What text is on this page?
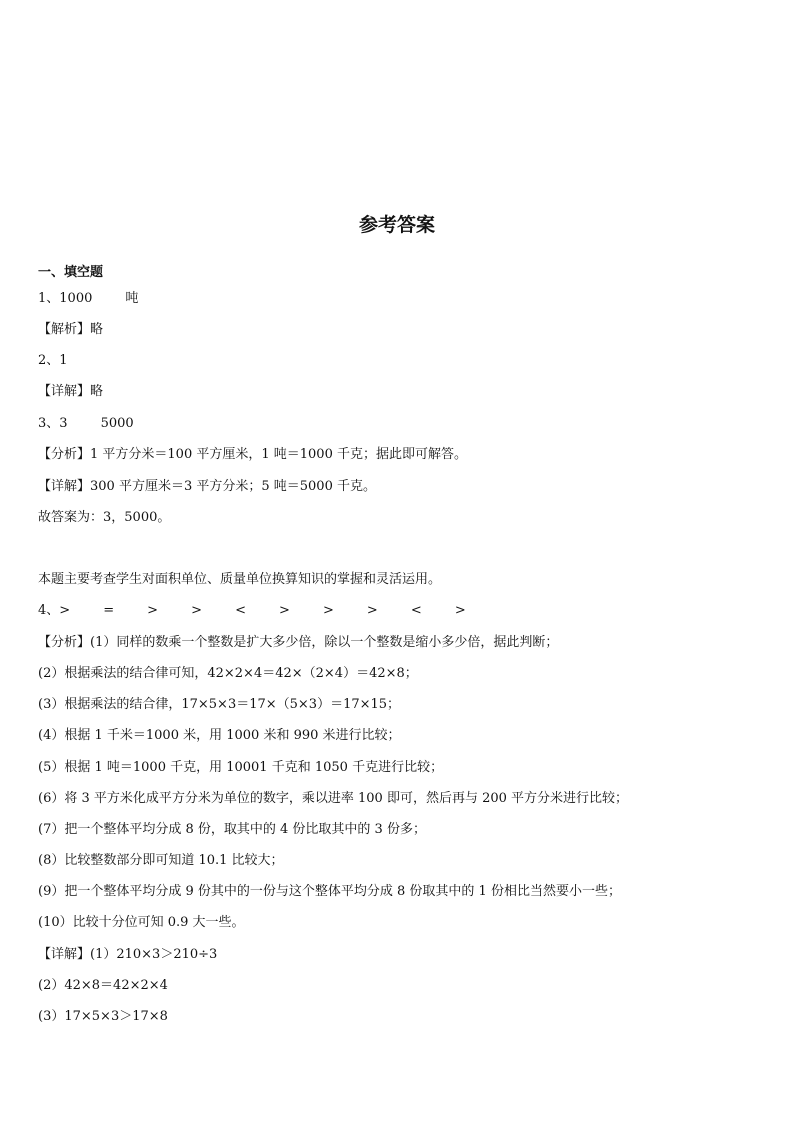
参考答案

一、填空题

1、1000        吨

【解析】略

2、1

【详解】略

3、3        5000

【分析】1 平方分米＝100 平方厘米，1 吨＝1000 千克；据此即可解答。

【详解】300 平方厘米＝3 平方分米；5 吨＝5000 千克。

故答案为：3，5000。

本题主要考查学生对面积单位、质量单位换算知识的掌握和灵活运用。

4、>        =        >        >        <        >        >        >        <        >

【分析】(1）同样的数乘一个整数是扩大多少倍，除以一个整数是缩小多少倍，据此判断；

(2）根据乘法的结合律可知，42×2×4＝42×（2×4）＝42×8；

(3）根据乘法的结合律，17×5×3＝17×（5×3）＝17×15；

(4）根据 1 千米＝1000 米，用 1000 米和 990 米进行比较；

(5）根据 1 吨＝1000 千克，用 10001 千克和 1050 千克进行比较；

(6）将 3 平方米化成平方分米为单位的数字，乘以进率 100 即可，然后再与 200 平方分米进行比较；

(7）把一个整体平均分成 8 份，取其中的 4 份比取其中的 3 份多；

(8）比较整数部分即可知道 10.1 比较大；

(9）把一个整体平均分成 9 份其中的一份与这个整体平均分成 8 份取其中的 1 份相比当然要小一些；

(10）比较十分位可知 0.9 大一些。

【详解】(1）210×3＞210÷3

(2）42×8＝42×2×4

(3）17×5×3＞17×8
